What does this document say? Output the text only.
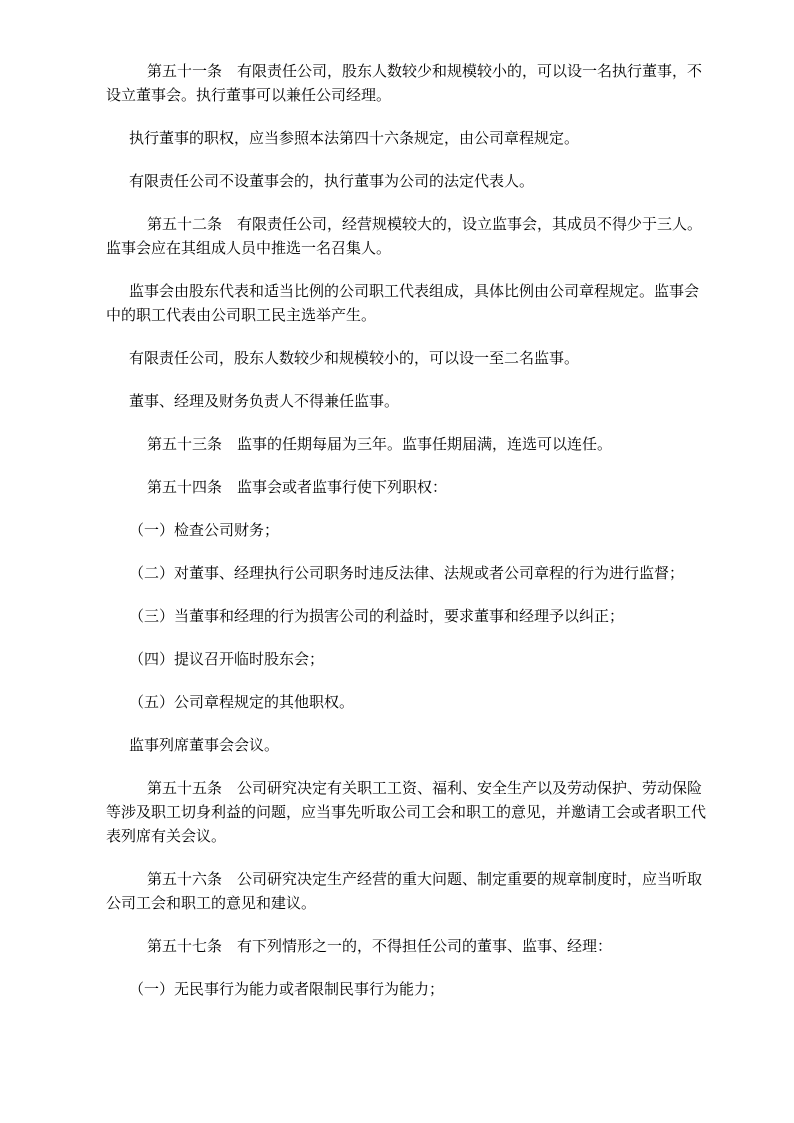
第五十一条　有限责任公司，股东人数较少和规模较小的，可以设一名执行董事，不
设立董事会。执行董事可以兼任公司经理。
执行董事的职权，应当参照本法第四十六条规定，由公司章程规定。
有限责任公司不设董事会的，执行董事为公司的法定代表人。
第五十二条　有限责任公司，经营规模较大的，设立监事会，其成员不得少于三人。
监事会应在其组成人员中推选一名召集人。
监事会由股东代表和适当比例的公司职工代表组成，具体比例由公司章程规定。监事会
中的职工代表由公司职工民主选举产生。
有限责任公司，股东人数较少和规模较小的，可以设一至二名监事。
董事、经理及财务负责人不得兼任监事。
第五十三条　监事的任期每届为三年。监事任期届满，连选可以连任。
第五十四条　监事会或者监事行使下列职权：
（一）检查公司财务；
（二）对董事、经理执行公司职务时违反法律、法规或者公司章程的行为进行监督；
（三）当董事和经理的行为损害公司的利益时，要求董事和经理予以纠正；
（四）提议召开临时股东会；
（五）公司章程规定的其他职权。
监事列席董事会会议。
第五十五条　公司研究决定有关职工工资、福利、安全生产以及劳动保护、劳动保险
等涉及职工切身利益的问题，应当事先听取公司工会和职工的意见，并邀请工会或者职工代
表列席有关会议。
第五十六条　公司研究决定生产经营的重大问题、制定重要的规章制度时，应当听取
公司工会和职工的意见和建议。
第五十七条　有下列情形之一的，不得担任公司的董事、监事、经理：
（一）无民事行为能力或者限制民事行为能力；
